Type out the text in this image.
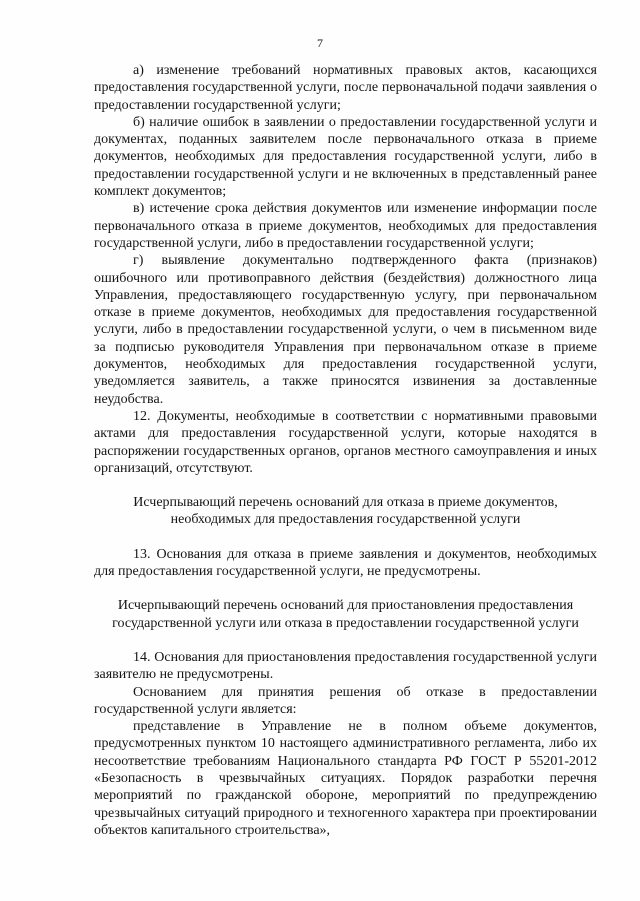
7

а) изменение требований нормативных правовых актов, касающихся предоставления государственной услуги, после первоначальной подачи заявления о предоставлении государственной услуги;

б) наличие ошибок в заявлении о предоставлении государственной услуги и документах, поданных заявителем после первоначального отказа в приеме документов, необходимых для предоставления государственной услуги, либо в предоставлении государственной услуги и не включенных в представленный ранее комплект документов;

в) истечение срока действия документов или изменение информации после первоначального отказа в приеме документов, необходимых для предоставления государственной услуги, либо в предоставлении государственной услуги;

г) выявление документально подтвержденного факта (признаков) ошибочного или противоправного действия (бездействия) должностного лица Управления, предоставляющего государственную услугу, при первоначальном отказе в приеме документов, необходимых для предоставления государственной услуги, либо в предоставлении государственной услуги, о чем в письменном виде за подписью руководителя Управления при первоначальном отказе в приеме документов, необходимых для предоставления государственной услуги, уведомляется заявитель, а также приносятся извинения за доставленные неудобства.

12. Документы, необходимые в соответствии с нормативными правовыми актами для предоставления государственной услуги, которые находятся в распоряжении государственных органов, органов местного самоуправления и иных организаций, отсутствуют.

Исчерпывающий перечень оснований для отказа в приеме документов, необходимых для предоставления государственной услуги

13. Основания для отказа в приеме заявления и документов, необходимых для предоставления государственной услуги, не предусмотрены.

Исчерпывающий перечень оснований для приостановления предоставления государственной услуги или отказа в предоставлении государственной услуги

14. Основания для приостановления предоставления государственной услуги заявителю не предусмотрены.

Основанием для принятия решения об отказе в предоставлении государственной услуги является:

представление в Управление не в полном объеме документов, предусмотренных пунктом 10 настоящего административного регламента, либо их несоответствие требованиям Национального стандарта РФ ГОСТ Р 55201-2012 «Безопасность в чрезвычайных ситуациях. Порядок разработки перечня мероприятий по гражданской обороне, мероприятий по предупреждению чрезвычайных ситуаций природного и техногенного характера при проектировании объектов капитального строительства»,
